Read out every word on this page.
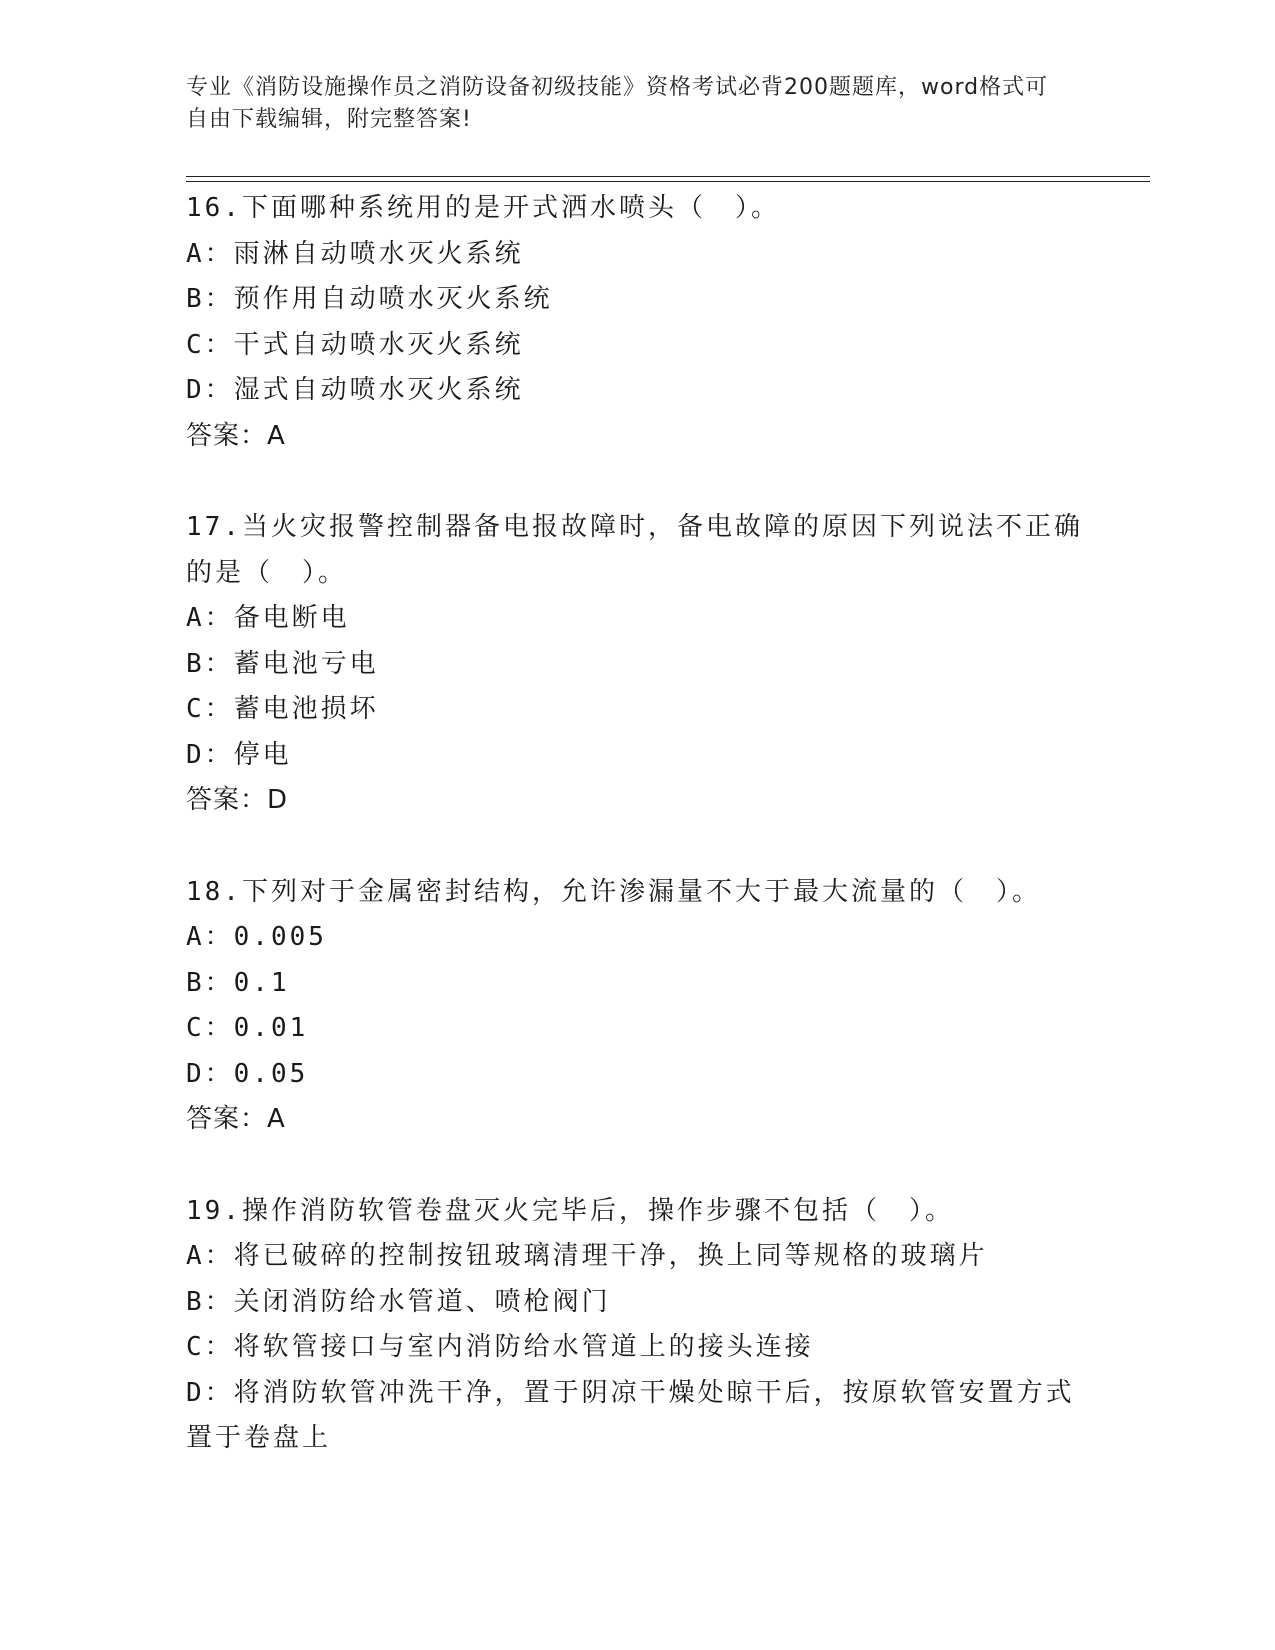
专业《消防设施操作员之消防设备初级技能》资格考试必背200题题库，word格式可自由下载编辑，附完整答案!
16.下面哪种系统用的是开式洒水喷头（　）。
A：雨淋自动喷水灭火系统
B：预作用自动喷水灭火系统
C：干式自动喷水灭火系统
D：湿式自动喷水灭火系统
答案：A
17.当火灾报警控制器备电报故障时，备电故障的原因下列说法不正确的是（　）。
A：备电断电
B：蓄电池亏电
C：蓄电池损坏
D：停电
答案：D
18.下列对于金属密封结构，允许渗漏量不大于最大流量的（　）。
A：0.005
B：0.1
C：0.01
D：0.05
答案：A
19.操作消防软管卷盘灭火完毕后，操作步骤不包括（　）。
A：将已破碎的控制按钮玻璃清理干净，换上同等规格的玻璃片
B：关闭消防给水管道、喷枪阀门
C：将软管接口与室内消防给水管道上的接头连接
D：将消防软管冲洗干净，置于阴凉干燥处晾干后，按原软管安置方式置于卷盘上
